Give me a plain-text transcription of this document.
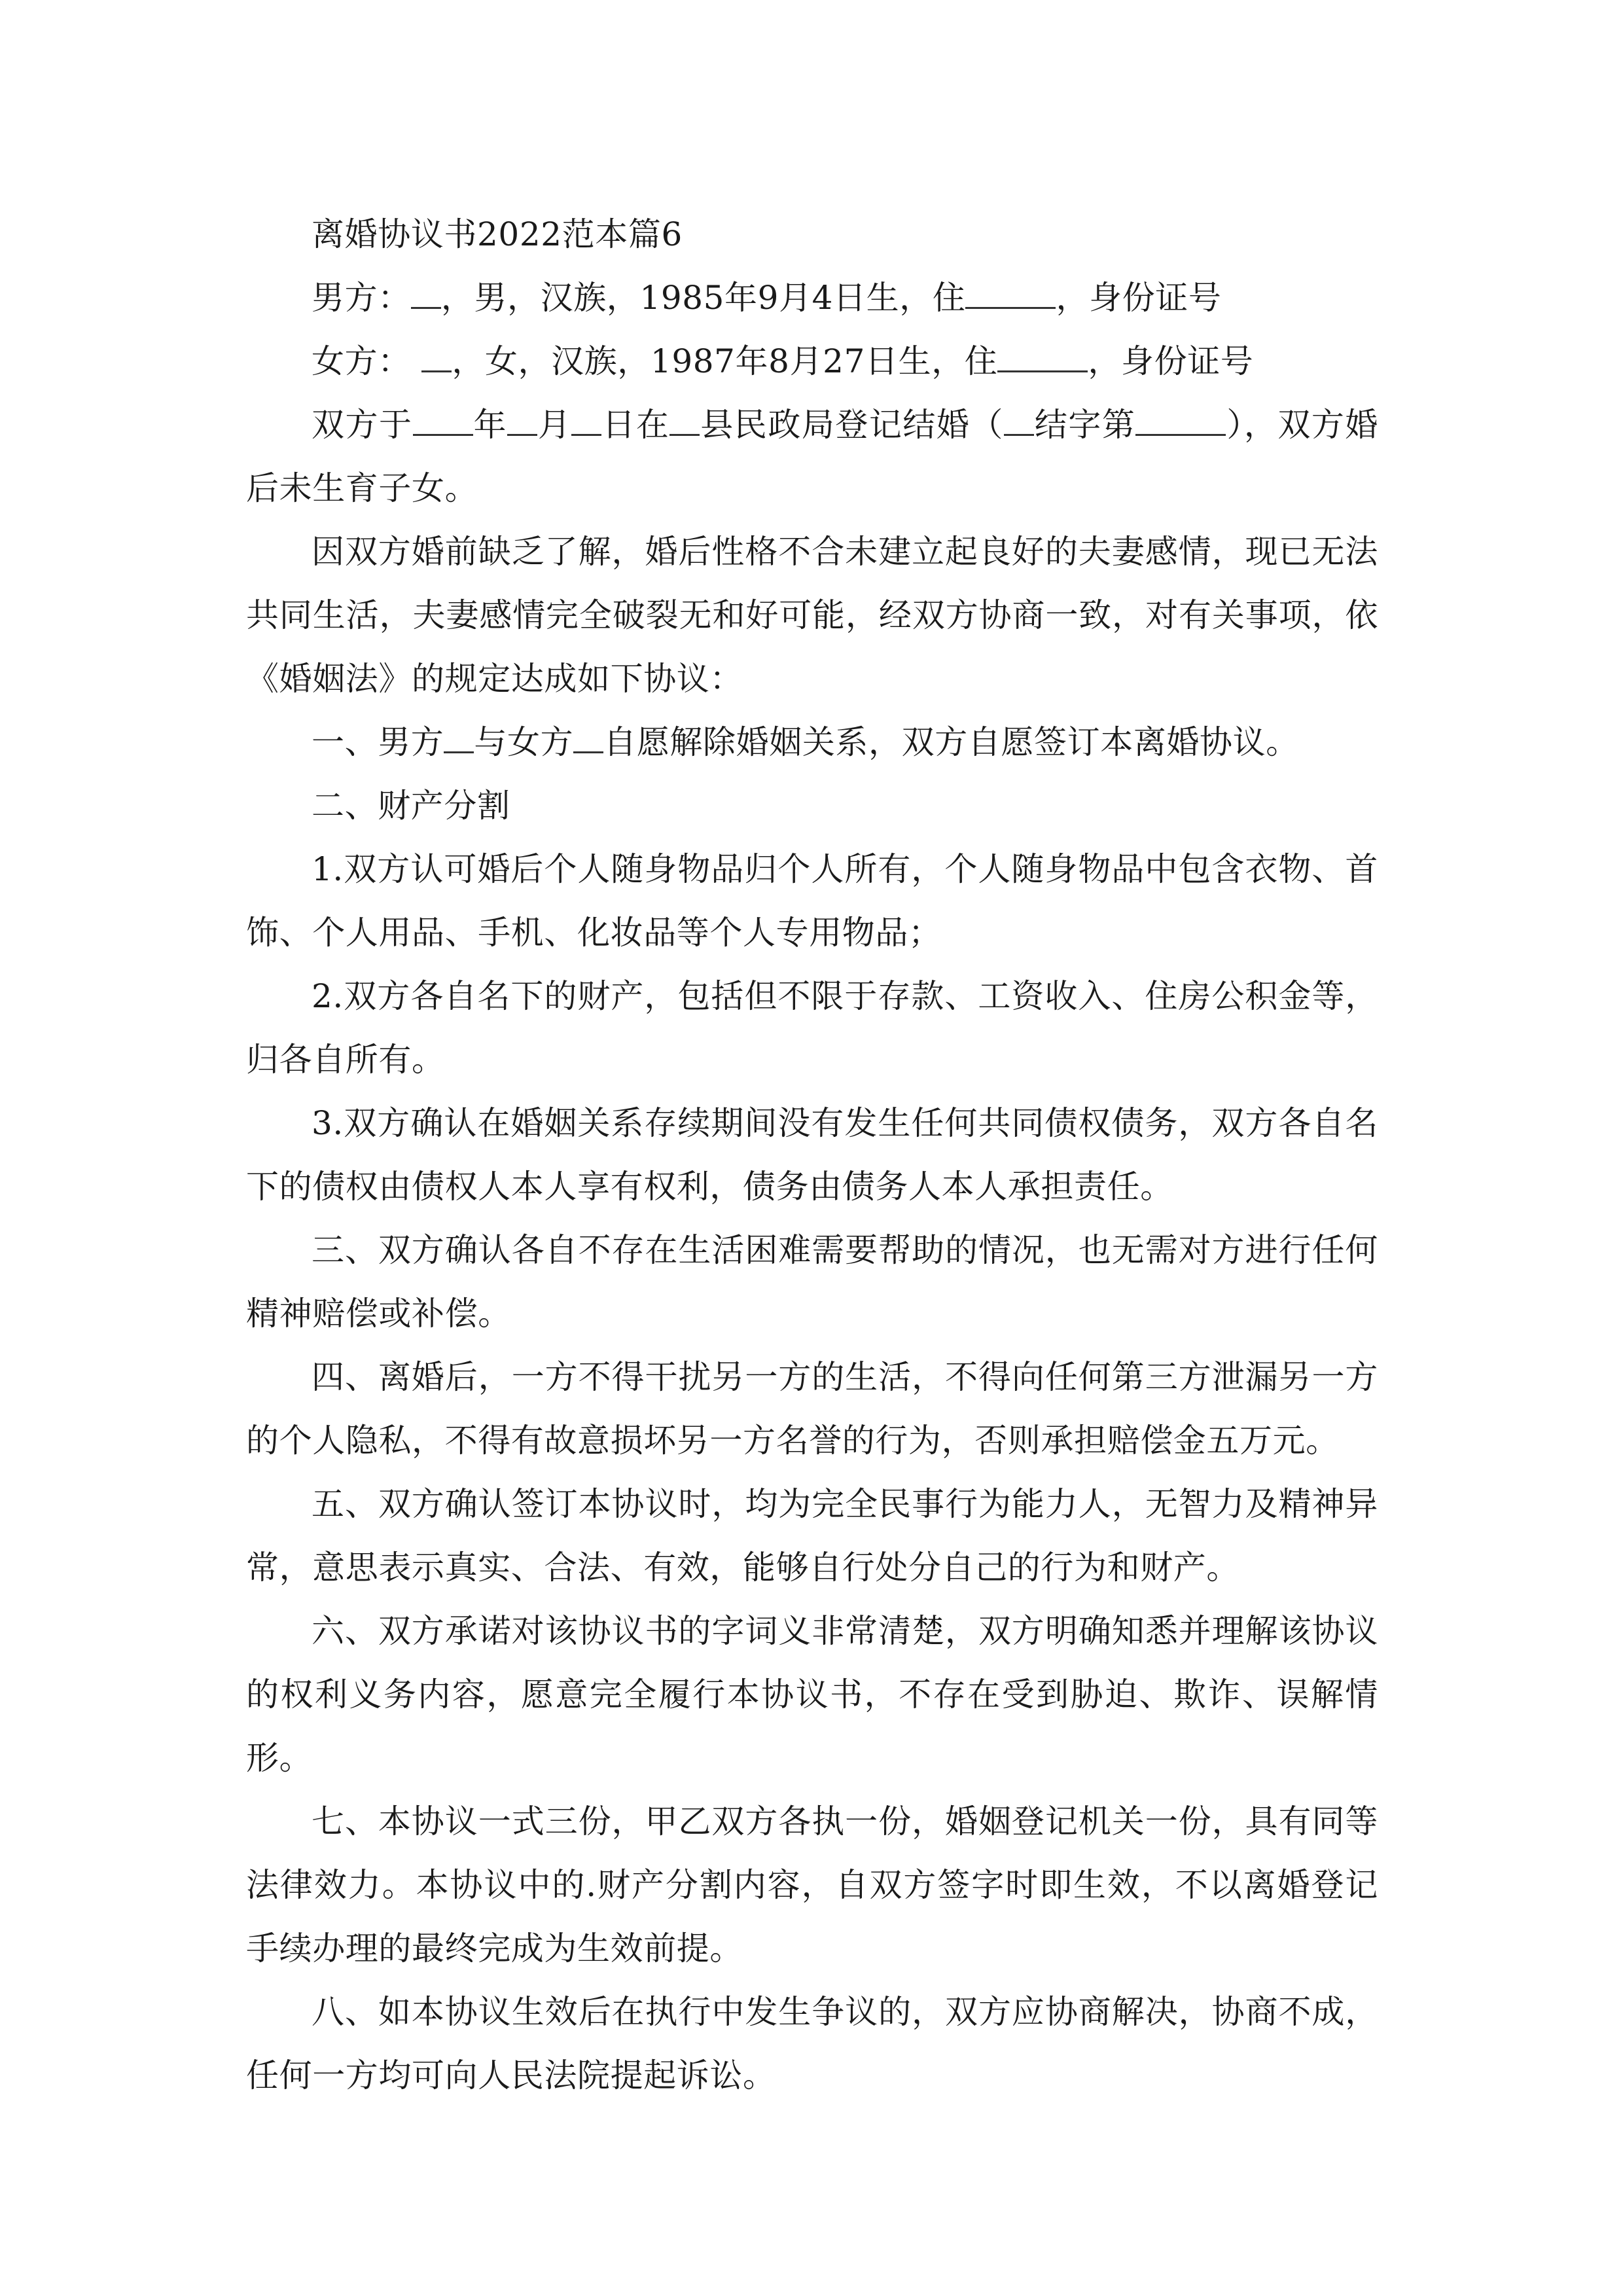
离婚协议书2022范本篇6

男方： ，男，汉族，1985年9月4日生，住	，身份证号

女方： ，女，汉族，1987年8月27日生，住	，身份证号

双方于 年 月 日在 县民政局登记结婚（ 结字第	），双方婚后未生育子女。

因双方婚前缺乏了解，婚后性格不合未建立起良好的夫妻感情，现已无法共同生活，夫妻感情完全破裂无和好可能，经双方协商一致，对有关事项，依《婚姻法》的规定达成如下协议：

一、男方 与女方 自愿解除婚姻关系，双方自愿签订本离婚协议。

二、财产分割

1.双方认可婚后个人随身物品归个人所有，个人随身物品中包含衣物、首饰、个人用品、手机、化妆品等个人专用物品；

2.双方各自名下的财产，包括但不限于存款、工资收入、住房公积金等，归各自所有。

3.双方确认在婚姻关系存续期间没有发生任何共同债权债务，双方各自名下的债权由债权人本人享有权利，债务由债务人本人承担责任。

三、双方确认各自不存在生活困难需要帮助的情况，也无需对方进行任何精神赔偿或补偿。

四、离婚后，一方不得干扰另一方的生活，不得向任何第三方泄漏另一方的个人隐私，不得有故意损坏另一方名誉的行为，否则承担赔偿金五万元。

五、双方确认签订本协议时，均为完全民事行为能力人，无智力及精神异常，意思表示真实、合法、有效，能够自行处分自己的行为和财产。

六、双方承诺对该协议书的字词义非常清楚，双方明确知悉并理解该协议的权利义务内容，愿意完全履行本协议书，不存在受到胁迫、欺诈、误解情形。

七、本协议一式三份，甲乙双方各执一份，婚姻登记机关一份，具有同等法律效力。本协议中的.财产分割内容，自双方签字时即生效，不以离婚登记手续办理的最终完成为生效前提。

八、如本协议生效后在执行中发生争议的，双方应协商解决，协商不成，任何一方均可向人民法院提起诉讼。
